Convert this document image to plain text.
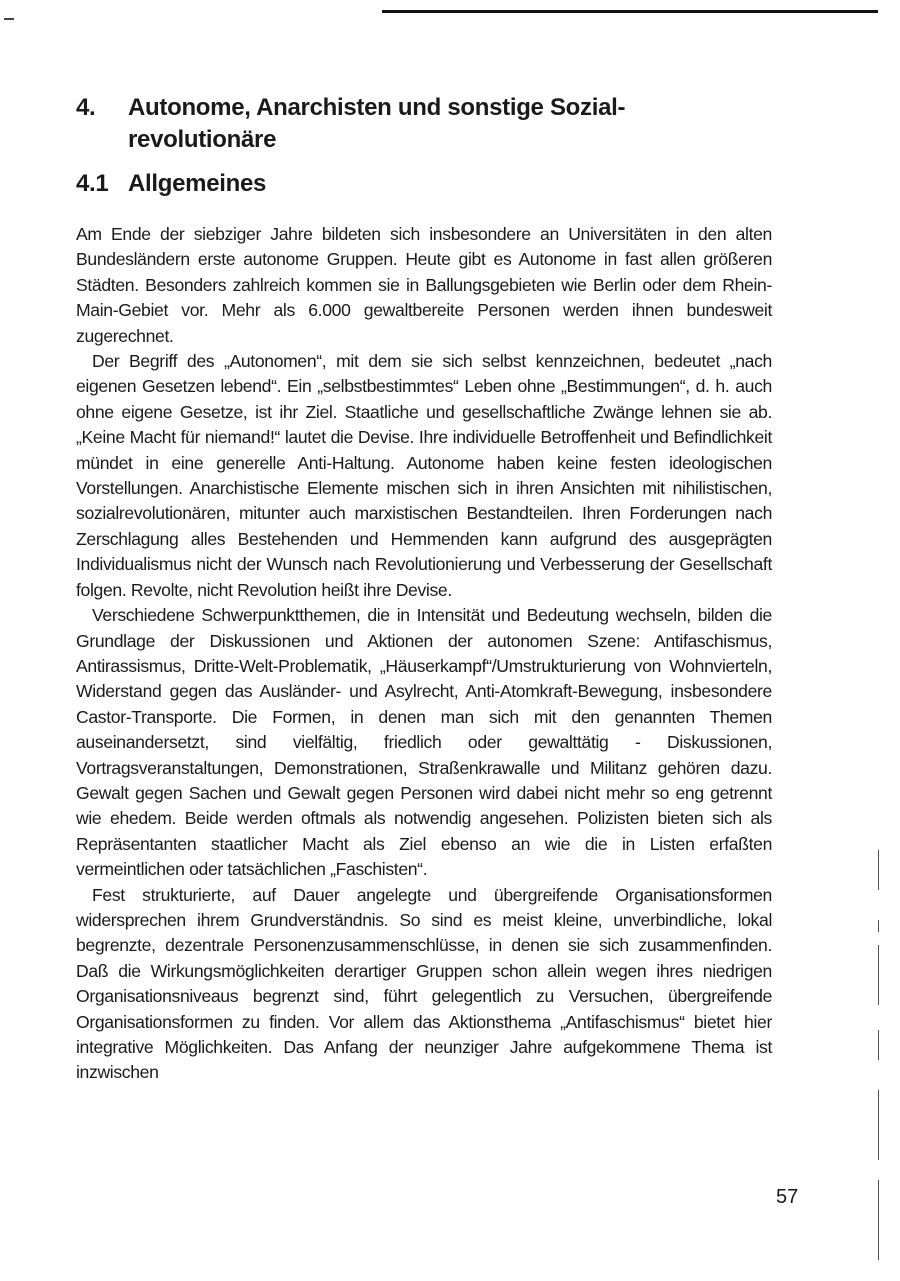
4.	Autonome, Anarchisten und sonstige Sozial-
revolutionäre
4.1 Allgemeines

Am Ende der siebziger Jahre bildeten sich insbesondere an Universitäten in den alten Bundesländern erste autonome Gruppen. Heute gibt es Autonome in fast allen größeren Städten. Besonders zahlreich kommen sie in Ballungsgebieten wie Berlin oder dem Rhein-Main-Gebiet vor. Mehr als 6.000 gewaltbereite Personen werden ihnen bundesweit zugerechnet.

Der Begriff des „Autonomen“, mit dem sie sich selbst kennzeichnen, bedeutet „nach eigenen Gesetzen lebend“. Ein „selbstbestimmtes“ Leben ohne „Bestimmungen“, d. h. auch ohne eigene Gesetze, ist ihr Ziel. Staatliche und gesellschaftliche Zwänge lehnen sie ab. „Keine Macht für niemand!“ lautet die Devise. Ihre individuelle Betroffenheit und Befindlichkeit mündet in eine generelle Anti-Haltung. Autonome haben keine festen ideologischen Vorstellungen. Anarchistische Elemente mischen sich in ihren Ansichten mit nihilistischen, sozialrevolutionären, mitunter auch marxistischen Bestandteilen. Ihren Forderungen nach Zerschlagung alles Bestehenden und Hemmenden kann aufgrund des ausgeprägten Individualismus nicht der Wunsch nach Revolutionierung und Verbesserung der Gesellschaft folgen. Revolte, nicht Revolution heißt ihre Devise.

Verschiedene Schwerpunktthemen, die in Intensität und Bedeutung wechseln, bilden die Grundlage der Diskussionen und Aktionen der autonomen Szene: Antifaschismus, Antirassismus, Dritte-Welt-Problematik, „Häuserkampf“/Umstrukturierung von Wohnvierteln, Widerstand gegen das Ausländer- und Asylrecht, Anti-Atomkraft-Bewegung, insbesondere Castor-Transporte. Die Formen, in denen man sich mit den genannten Themen auseinandersetzt, sind vielfältig, friedlich oder gewalttätig - Diskussionen, Vortragsveranstaltungen, Demonstrationen, Straßenkrawalle und Militanz gehören dazu. Gewalt gegen Sachen und Gewalt gegen Personen wird dabei nicht mehr so eng getrennt wie ehedem. Beide werden oftmals als notwendig angesehen. Polizisten bieten sich als Repräsentanten staatlicher Macht als Ziel ebenso an wie die in Listen erfaßten vermeintlichen oder tatsächlichen „Faschisten“.

Fest strukturierte, auf Dauer angelegte und übergreifende Organisationsformen widersprechen ihrem Grundverständnis. So sind es meist kleine, unverbindliche, lokal begrenzte, dezentrale Personenzusammenschlüsse, in denen sie sich zusammenfinden. Daß die Wirkungsmöglichkeiten derartiger Gruppen schon allein wegen ihres niedrigen Organisationsniveaus begrenzt sind, führt gelegentlich zu Versuchen, übergreifende Organisationsformen zu finden. Vor allem das Aktionsthema „Antifaschismus“ bietet hier integrative Möglichkeiten. Das Anfang der neunziger Jahre aufgekommene Thema ist inzwischen

57
